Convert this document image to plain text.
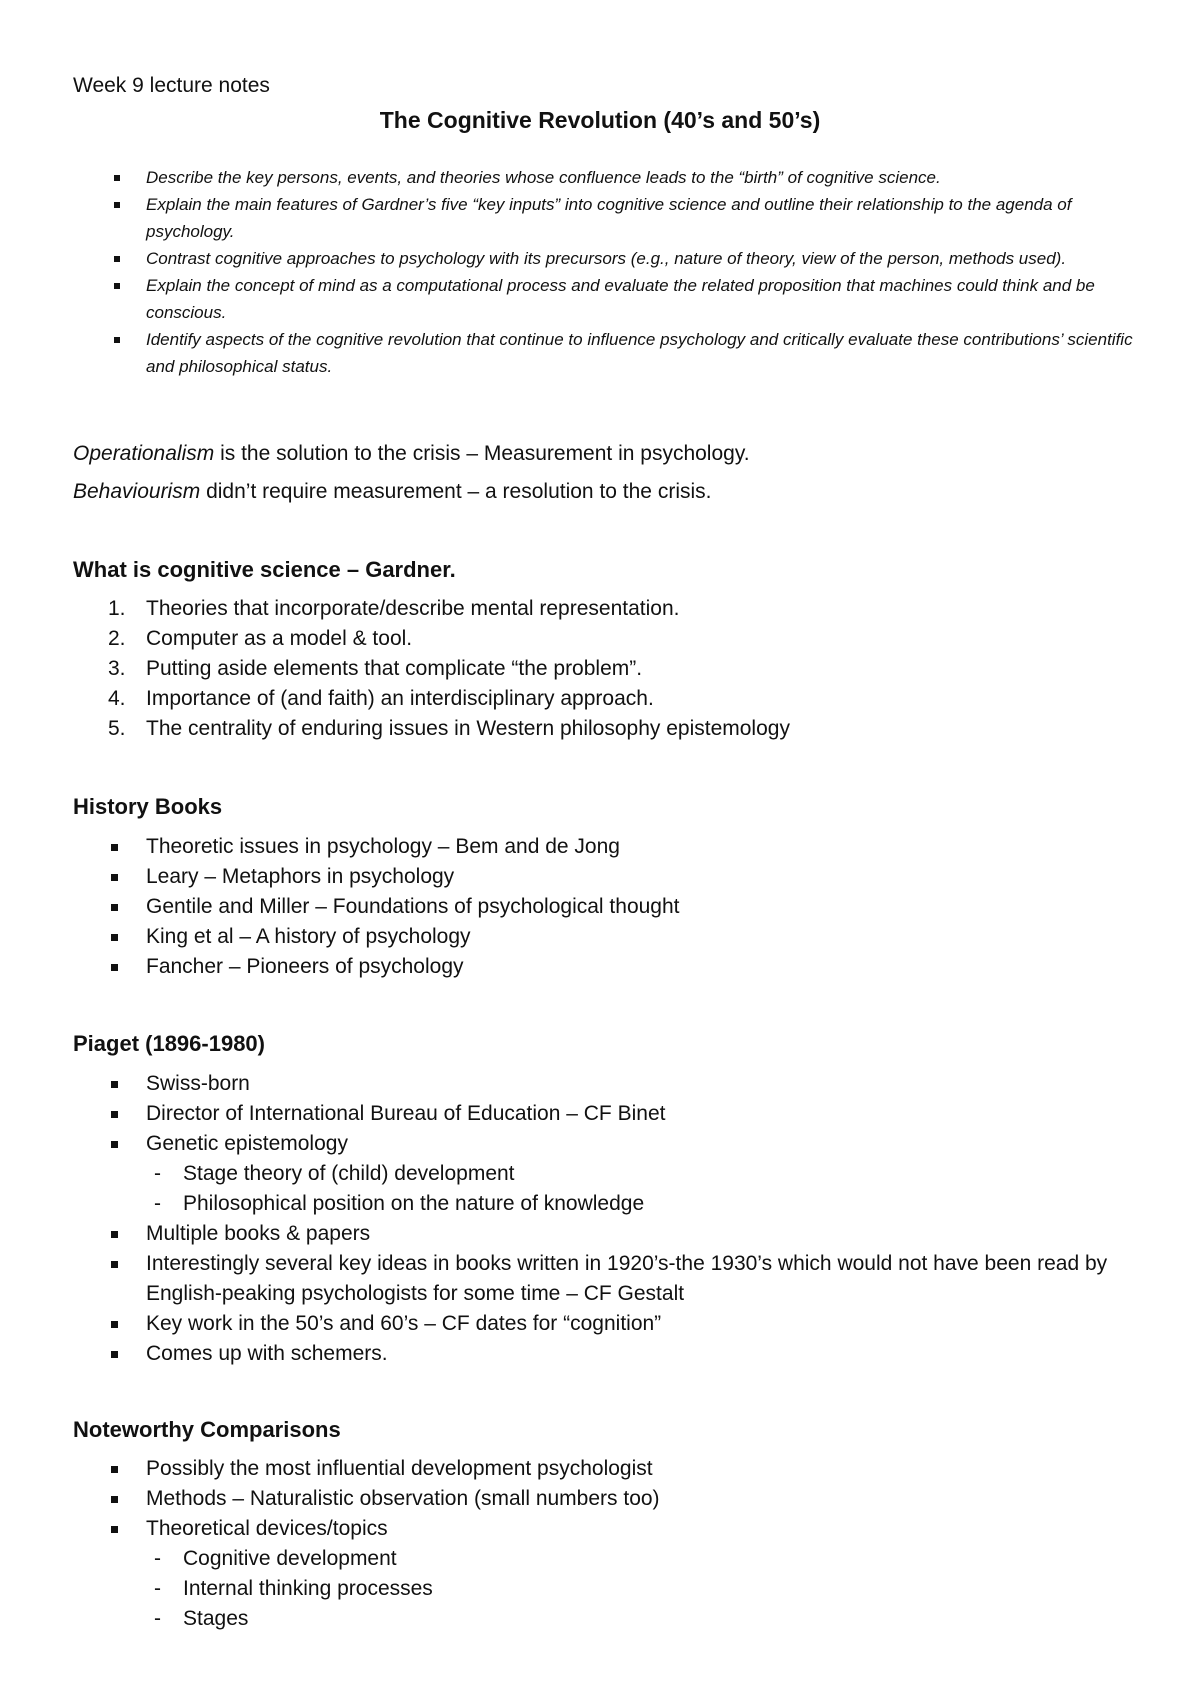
Week 9 lecture notes
The Cognitive Revolution (40’s and 50’s)
Describe the key persons, events, and theories whose confluence leads to the “birth” of cognitive science.
Explain the main features of Gardner’s five “key inputs” into cognitive science and outline their relationship to the agenda of psychology.
Contrast cognitive approaches to psychology with its precursors (e.g., nature of theory, view of the person, methods used).
Explain the concept of mind as a computational process and evaluate the related proposition that machines could think and be conscious.
Identify aspects of the cognitive revolution that continue to influence psychology and critically evaluate these contributions’ scientific and philosophical status.
Operationalism is the solution to the crisis – Measurement in psychology.
Behaviourism didn’t require measurement – a resolution to the crisis.
What is cognitive science – Gardner.
1. Theories that incorporate/describe mental representation.
2. Computer as a model & tool.
3. Putting aside elements that complicate “the problem”.
4. Importance of (and faith) an interdisciplinary approach.
5. The centrality of enduring issues in Western philosophy epistemology
History Books
Theoretic issues in psychology – Bem and de Jong
Leary – Metaphors in psychology
Gentile and Miller – Foundations of psychological thought
King et al – A history of psychology
Fancher – Pioneers of psychology
Piaget (1896-1980)
Swiss-born
Director of International Bureau of Education – CF Binet
Genetic epistemology
- Stage theory of (child) development
- Philosophical position on the nature of knowledge
Multiple books & papers
Interestingly several key ideas in books written in 1920’s-the 1930’s which would not have been read by English-peaking psychologists for some time – CF Gestalt
Key work in the 50’s and 60’s – CF dates for “cognition”
Comes up with schemers.
Noteworthy Comparisons
Possibly the most influential development psychologist
Methods – Naturalistic observation (small numbers too)
Theoretical devices/topics
- Cognitive development
- Internal thinking processes
- Stages
